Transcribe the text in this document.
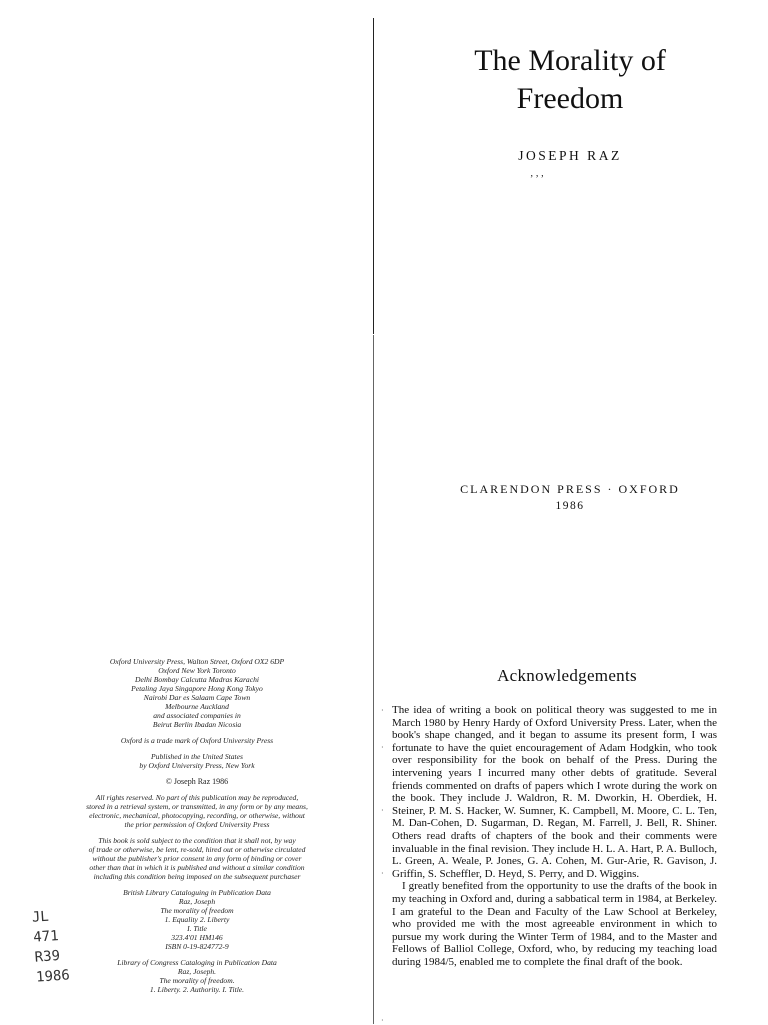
The Morality of
Freedom
JOSEPH RAZ
‚‚‚
CLARENDON PRESS · OXFORD
1986
Acknowledgements

The idea of writing a book on political theory was suggested to me in March 1980 by Henry Hardy of Oxford University Press. Later, when the book's shape changed, and it began to assume its present form, I was fortunate to have the quiet encouragement of Adam Hodgkin, who took over responsibility for the book on behalf of the Press. During the intervening years I incurred many other debts of gratitude. Several friends commented on drafts of papers which I wrote during the work on the book. They include J. Waldron, R. M. Dworkin, H. Oberdiek, H. Steiner, P. M. S. Hacker, W. Sumner, K. Campbell, M. Moore, C. L. Ten, M. Dan-Cohen, D. Sugarman, D. Regan, M. Farrell, J. Bell, R. Shiner. Others read drafts of chapters of the book and their comments were invaluable in the final revision. They include H. L. A. Hart, P. A. Bulloch, L. Green, A. Weale, P. Jones, G. A. Cohen, M. Gur-Arie, R. Gavison, J. Griffin, S. Scheffler, D. Heyd, S. Perry, and D. Wiggins.

I greatly benefited from the opportunity to use the drafts of the book in my teaching in Oxford and, during a sabbatical term in 1984, at Berkeley. I am grateful to the Dean and Faculty of the Law School at Berkeley, who provided me with the most agreeable environment in which to pursue my work during the Winter Term of 1984, and to the Master and Fellows of Balliol College, Oxford, who, by reducing my teaching load during 1984/5, enabled me to complete the final draft of the book.

·
·
·
·
·
Oxford University Press, Walton Street, Oxford OX2 6DP
Oxford New York Toronto
Delhi Bombay Calcutta Madras Karachi
Petaling Jaya Singapore Hong Kong Tokyo
Nairobi Dar es Salaam Cape Town
Melbourne Auckland
and associated companies in
Beirut Berlin Ibadan Nicosia
Oxford is a trade mark of Oxford University Press
Published in the United States
by Oxford University Press, New York
© Joseph Raz 1986
All rights reserved. No part of this publication may be reproduced,
stored in a retrieval system, or transmitted, in any form or by any means,
electronic, mechanical, photocopying, recording, or otherwise, without
the prior permission of Oxford University Press
This book is sold subject to the condition that it shall not, by way
of trade or otherwise, be lent, re-sold, hired out or otherwise circulated
without the publisher's prior consent in any form of binding or cover
other than that in which it is published and without a similar condition
including this condition being imposed on the subsequent purchaser
British Library Cataloguing in Publication Data
Raz, Joseph
The morality of freedom
1. Equality 2. Liberty
I. Title
323.4'01 HM146
ISBN 0-19-824772-9
Library of Congress Cataloging in Publication Data
Raz, Joseph.
The morality of freedom.
1. Liberty. 2. Authority. I. Title.
JL
471
R39
1986
